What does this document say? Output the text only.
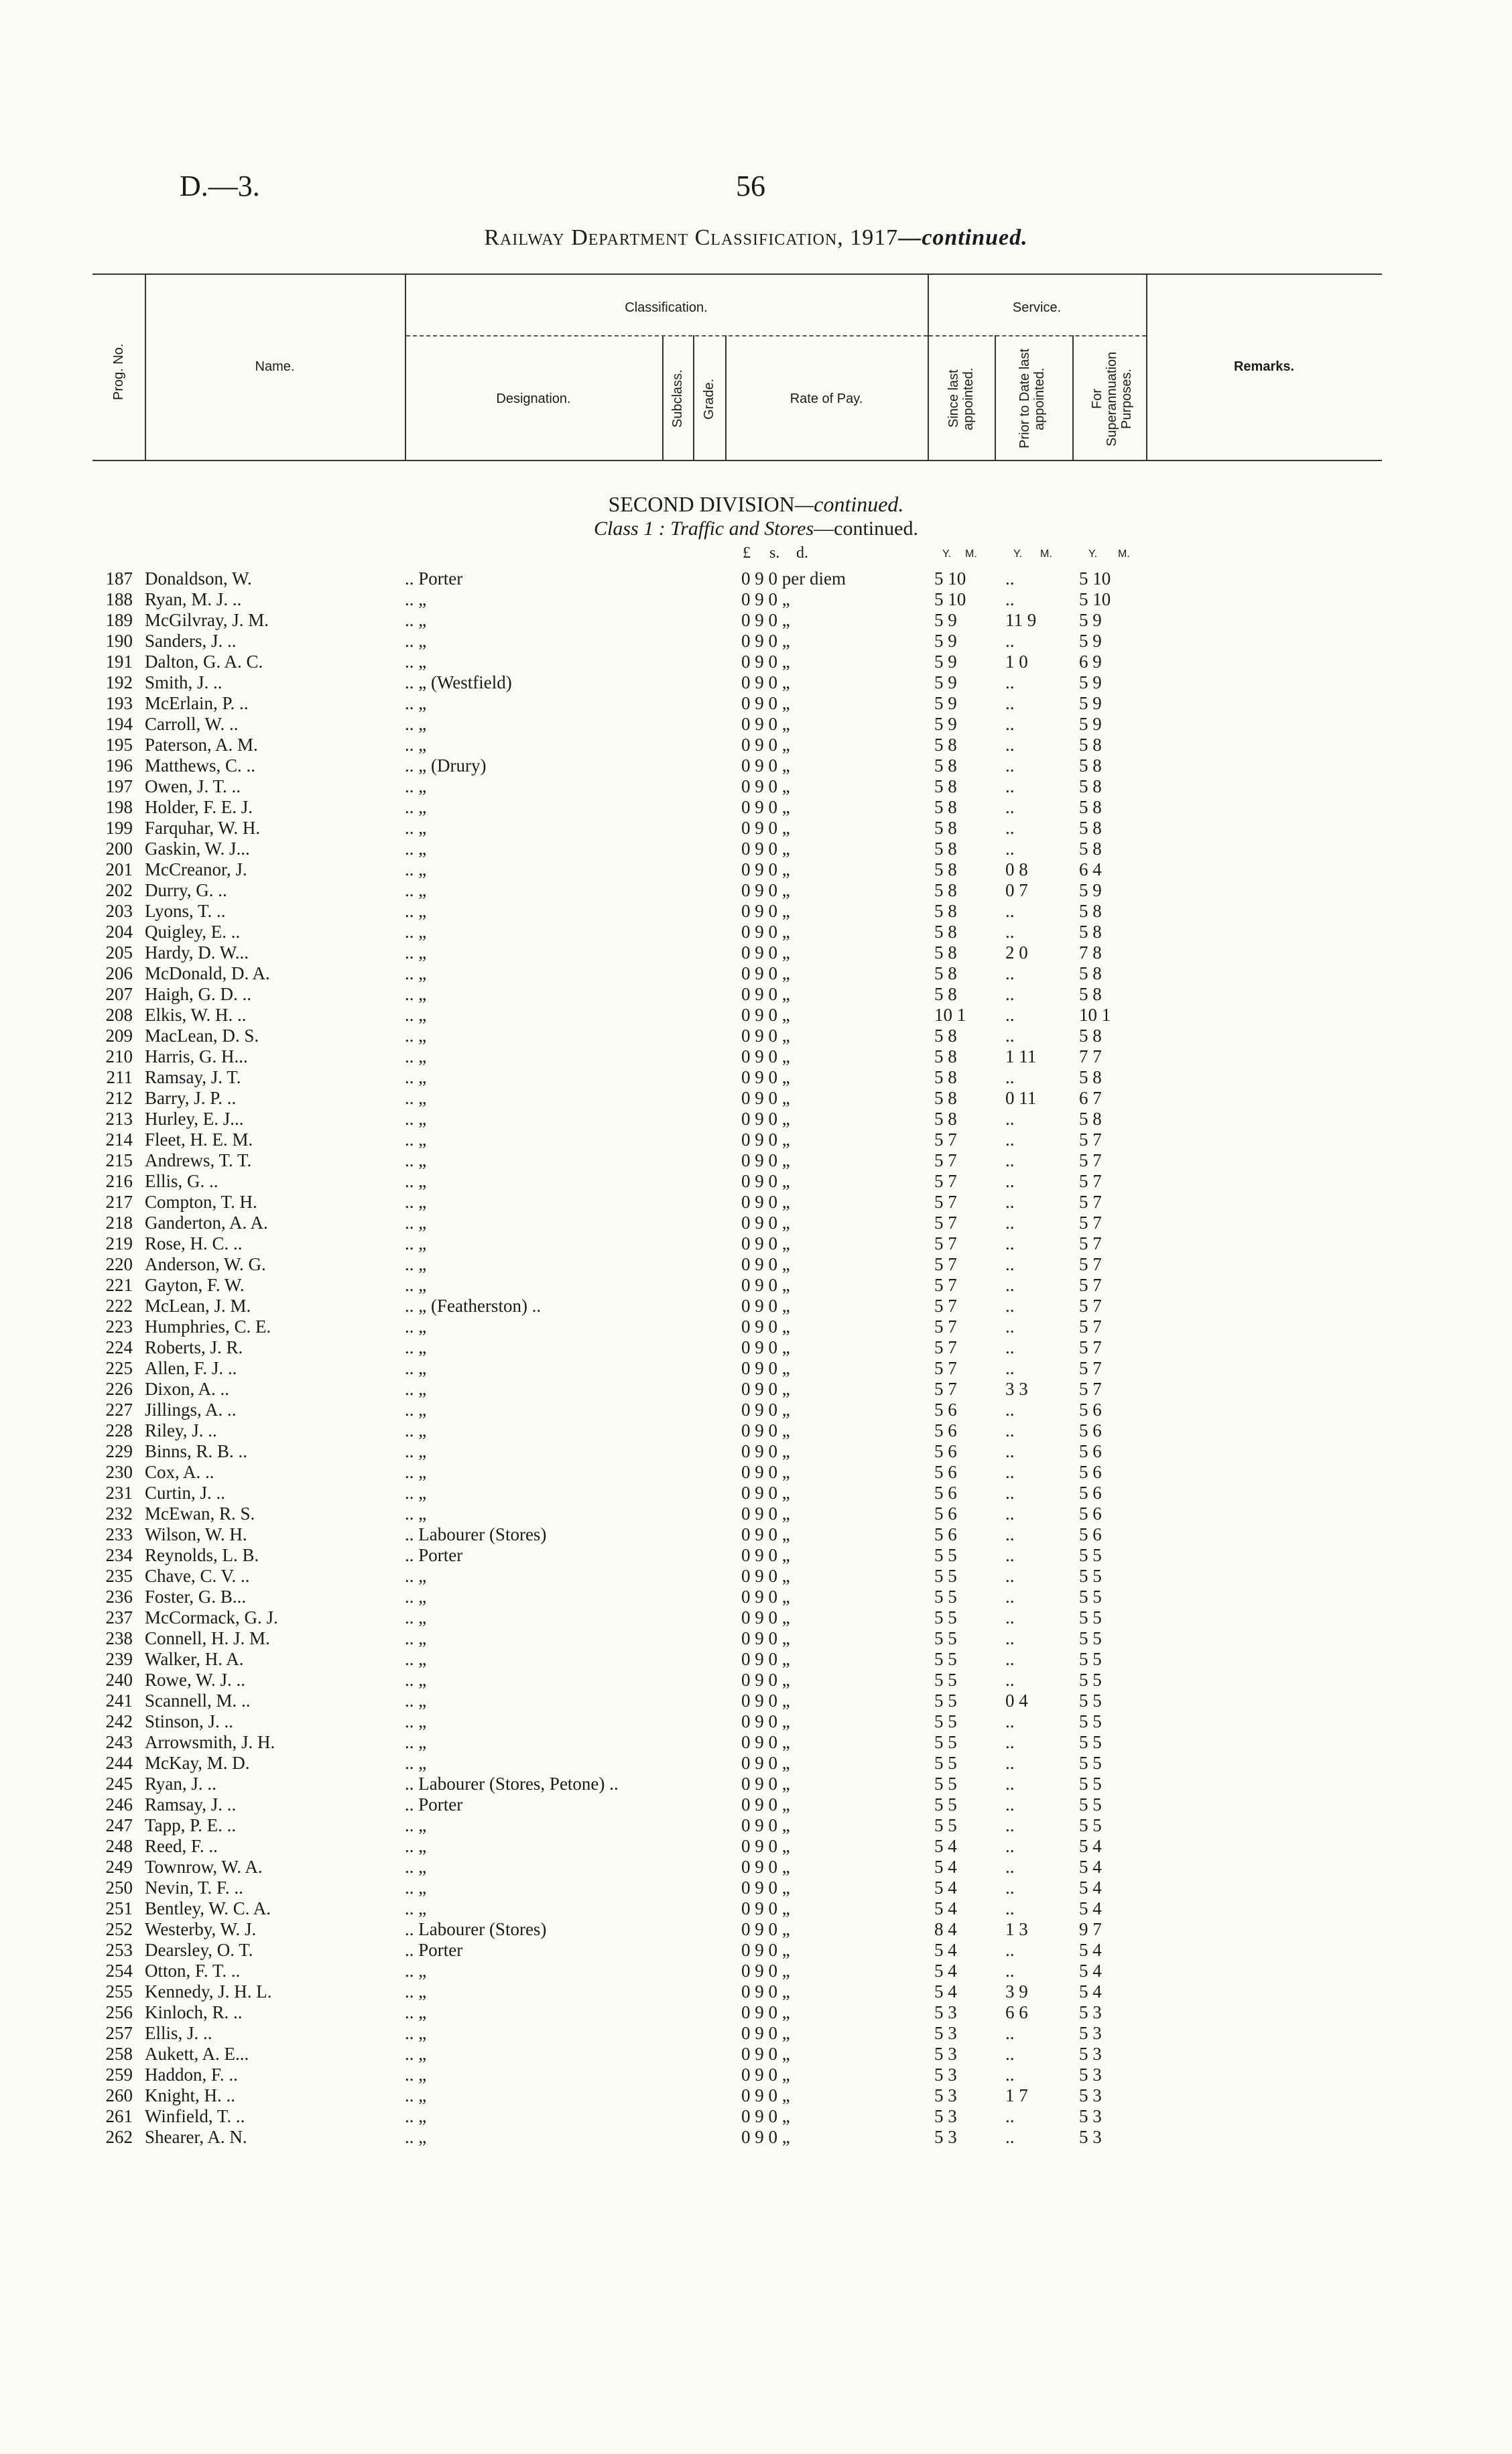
D.—3.	56
Railway Department Classification, 1917—continued.
Prog. No.	Name.
Classification.
Designation.	Subclass. Grade.	Rate of Pay.
Service.
Since last appointed.	Prior to Date last appointed.	For Superannuation Purposes.
Remarks.
SECOND DIVISION—continued.
Class 1 : Traffic and Stores—continued.
£ s. d.	Y. M.	Y. M.	Y. M.
187 Donaldson, W.	.. Porter	0 9 0 per diem	5 10	..	5 10
188 Ryan, M. J. ..	.. „	0 9 0 „	5 10	..	5 10
189 McGilvray, J. M.	.. „	0 9 0 „	5 9	11 9	5 9
190 Sanders, J. ..	.. „	0 9 0 „	5 9	..	5 9
191 Dalton, G. A. C.	.. „	0 9 0 „	5 9	1 0	6 9
192 Smith, J. ..	.. „ (Westfield)	0 9 0 „	5 9	..	5 9
193 McErlain, P. ..	.. „	0 9 0 „	5 9	..	5 9
194 Carroll, W. ..	.. „	0 9 0 „	5 9	..	5 9
195 Paterson, A. M.	.. „	0 9 0 „	5 8	..	5 8
196 Matthews, C. ..	.. „ (Drury)	0 9 0 „	5 8	..	5 8
197 Owen, J. T. ..	.. „	0 9 0 „	5 8	..	5 8
198 Holder, F. E. J.	.. „	0 9 0 „	5 8	..	5 8
199 Farquhar, W. H.	.. „	0 9 0 „	5 8	..	5 8
200 Gaskin, W. J...	.. „	0 9 0 „	5 8	..	5 8
201 McCreanor, J.	.. „	0 9 0 „	5 8	0 8	6 4
202 Durry, G. ..	.. „	0 9 0 „	5 8	0 7	5 9
203 Lyons, T. ..	.. „	0 9 0 „	5 8	..	5 8
204 Quigley, E. ..	.. „	0 9 0 „	5 8	..	5 8
205 Hardy, D. W...	.. „	0 9 0 „	5 8	2 0	7 8
206 McDonald, D. A.	.. „	0 9 0 „	5 8	..	5 8
207 Haigh, G. D. ..	.. „	0 9 0 „	5 8	..	5 8
208 Elkis, W. H. ..	.. „	0 9 0 „	10 1	..	10 1
209 MacLean, D. S.	.. „	0 9 0 „	5 8	..	5 8
210 Harris, G. H...	.. „	0 9 0 „	5 8	1 11	7 7
211 Ramsay, J. T.	.. „	0 9 0 „	5 8	..	5 8
212 Barry, J. P. ..	.. „	0 9 0 „	5 8	0 11	6 7
213 Hurley, E. J...	.. „	0 9 0 „	5 8	..	5 8
214 Fleet, H. E. M.	.. „	0 9 0 „	5 7	..	5 7
215 Andrews, T. T.	.. „	0 9 0 „	5 7	..	5 7
216 Ellis, G. ..	.. „	0 9 0 „	5 7	..	5 7
217 Compton, T. H.	.. „	0 9 0 „	5 7	..	5 7
218 Ganderton, A. A.	.. „	0 9 0 „	5 7	..	5 7
219 Rose, H. C. ..	.. „	0 9 0 „	5 7	..	5 7
220 Anderson, W. G.	.. „	0 9 0 „	5 7	..	5 7
221 Gayton, F. W.	.. „	0 9 0 „	5 7	..	5 7
222 McLean, J. M.	.. „ (Featherston) ..	0 9 0 „	5 7	..	5 7
223 Humphries, C. E.	.. „	0 9 0 „	5 7	..	5 7
224 Roberts, J. R.	.. „	0 9 0 „	5 7	..	5 7
225 Allen, F. J. ..	.. „	0 9 0 „	5 7	..	5 7
226 Dixon, A. ..	.. „	0 9 0 „	5 7	3 3	5 7
227 Jillings, A. ..	.. „	0 9 0 „	5 6	..	5 6
228 Riley, J. ..	.. „	0 9 0 „	5 6	..	5 6
229 Binns, R. B. ..	.. „	0 9 0 „	5 6	..	5 6
230 Cox, A. ..	.. „	0 9 0 „	5 6	..	5 6
231 Curtin, J. ..	.. „	0 9 0 „	5 6	..	5 6
232 McEwan, R. S.	.. „	0 9 0 „	5 6	..	5 6
233 Wilson, W. H.	.. Labourer (Stores)	0 9 0 „	5 6	..	5 6
234 Reynolds, L. B.	.. Porter	0 9 0 „	5 5	..	5 5
235 Chave, C. V. ..	.. „	0 9 0 „	5 5	..	5 5
236 Foster, G. B...	.. „	0 9 0 „	5 5	..	5 5
237 McCormack, G. J.	.. „	0 9 0 „	5 5	..	5 5
238 Connell, H. J. M.	.. „	0 9 0 „	5 5	..	5 5
239 Walker, H. A.	.. „	0 9 0 „	5 5	..	5 5
240 Rowe, W. J. ..	.. „	0 9 0 „	5 5	..	5 5
241 Scannell, M. ..	.. „	0 9 0 „	5 5	0 4	5 5
242 Stinson, J. ..	.. „	0 9 0 „	5 5	..	5 5
243 Arrowsmith, J. H.	.. „	0 9 0 „	5 5	..	5 5
244 McKay, M. D.	.. „	0 9 0 „	5 5	..	5 5
245 Ryan, J. ..	.. Labourer (Stores, Petone) ..	0 9 0 „	5 5	..	5 5
246 Ramsay, J. ..	.. Porter	0 9 0 „	5 5	..	5 5
247 Tapp, P. E. ..	.. „	0 9 0 „	5 5	..	5 5
248 Reed, F. ..	.. „	0 9 0 „	5 4	..	5 4
249 Townrow, W. A.	.. „	0 9 0 „	5 4	..	5 4
250 Nevin, T. F. ..	.. „	0 9 0 „	5 4	..	5 4
251 Bentley, W. C. A.	.. „	0 9 0 „	5 4	..	5 4
252 Westerby, W. J.	.. Labourer (Stores)	0 9 0 „	8 4	1 3	9 7
253 Dearsley, O. T.	.. Porter	0 9 0 „	5 4	..	5 4
254 Otton, F. T. ..	.. „	0 9 0 „	5 4	..	5 4
255 Kennedy, J. H. L.	.. „	0 9 0 „	5 4	3 9	5 4
256 Kinloch, R. ..	.. „	0 9 0 „	5 3	6 6	5 3
257 Ellis, J. ..	.. „	0 9 0 „	5 3	..	5 3
258 Aukett, A. E...	.. „	0 9 0 „	5 3	..	5 3
259 Haddon, F. ..	.. „	0 9 0 „	5 3	..	5 3
260 Knight, H. ..	.. „	0 9 0 „	5 3	1 7	5 3
261 Winfield, T. ..	.. „	0 9 0 „	5 3	..	5 3
262 Shearer, A. N.	.. „	0 9 0 „	5 3	..	5 3
